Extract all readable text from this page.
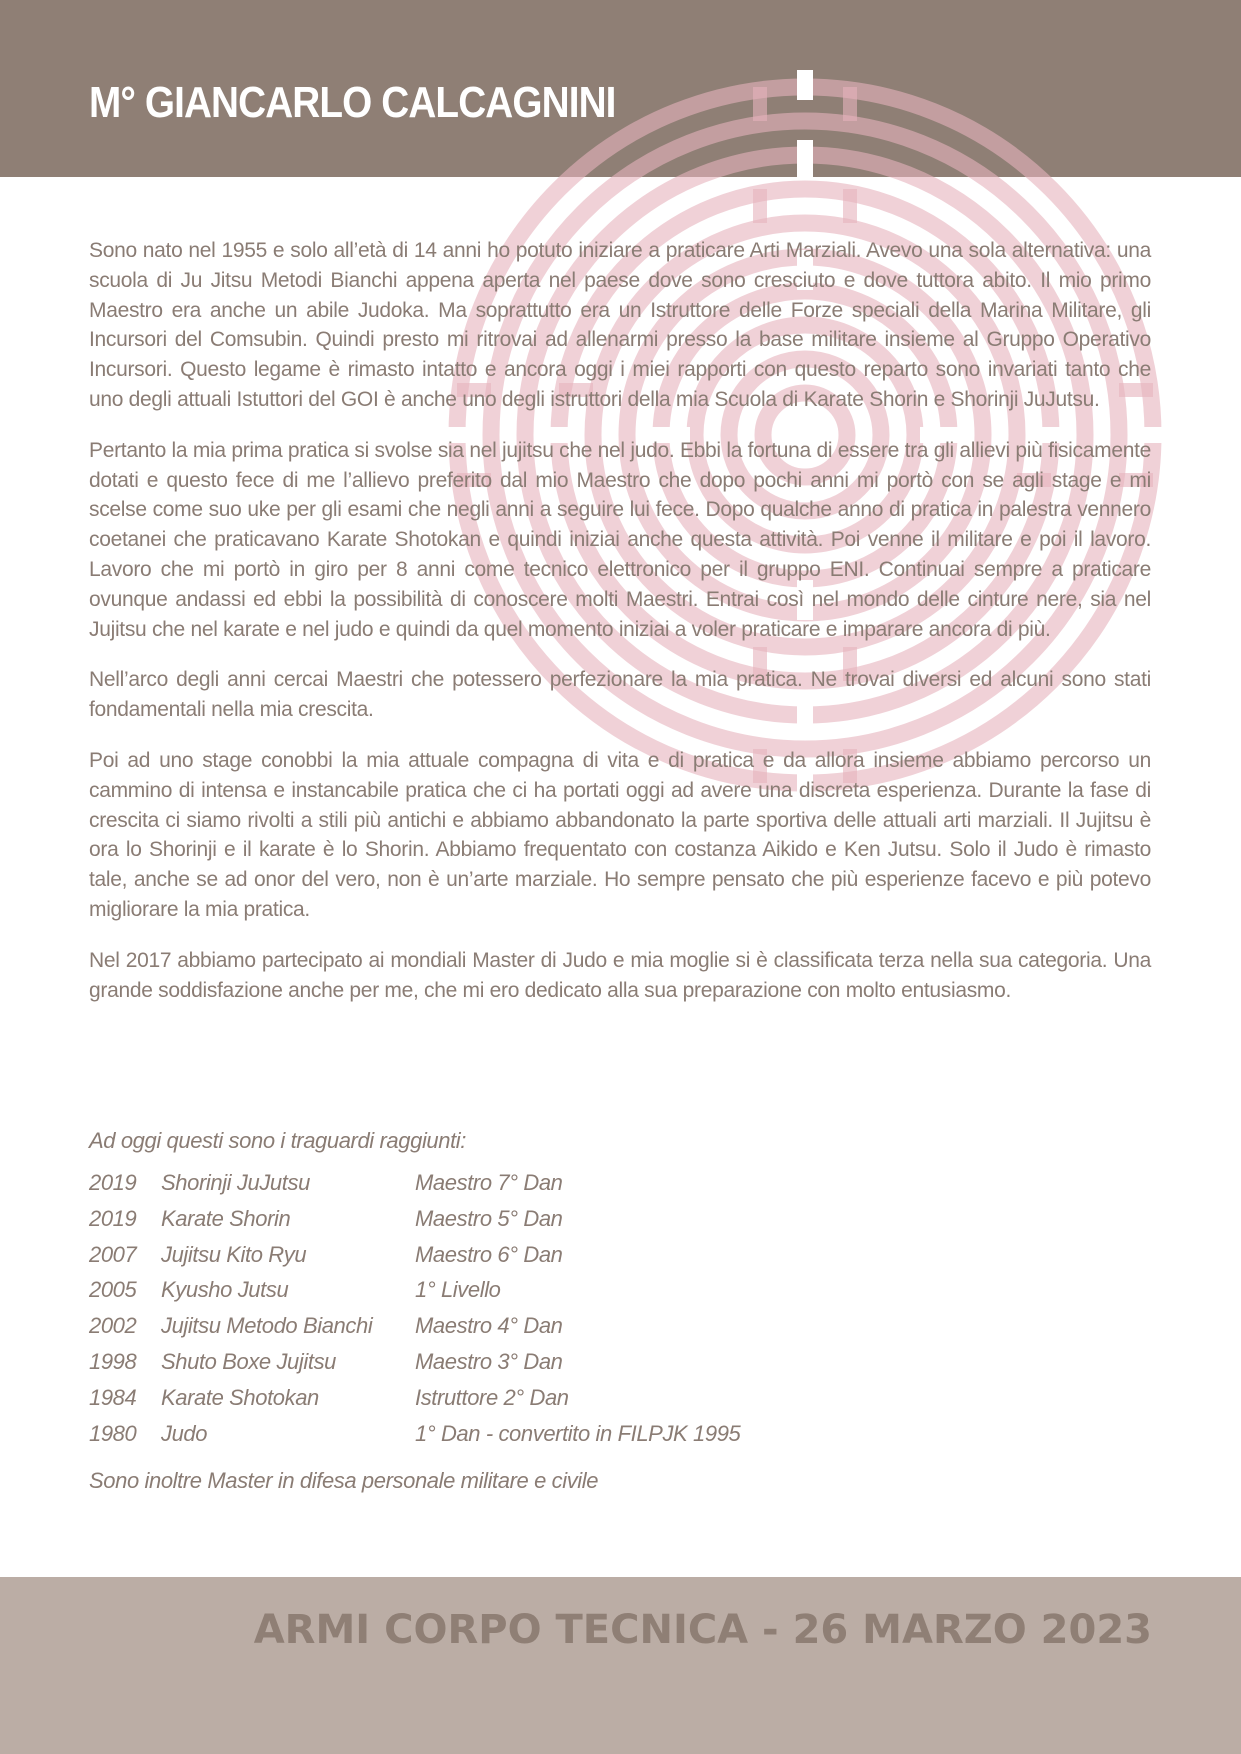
M° GIANCARLO CALCAGNINI

Sono nato nel 1955 e solo all’età di 14 anni ho potuto iniziare a praticare Arti Marziali. Avevo una sola alternativa: una scuola di Ju Jitsu Metodi Bianchi appena aperta nel paese dove sono cresciuto e dove tuttora abito. Il mio primo Maestro era anche un abile Judoka. Ma soprattutto era un Istruttore delle Forze speciali della Marina Militare, gli Incursori del Comsubin. Quindi presto mi ritrovai ad allenarmi presso la base militare insieme al Gruppo Operativo Incursori. Questo legame è rimasto intatto e ancora oggi i miei rapporti con questo reparto sono invariati tanto che uno degli attuali Istuttori del GOI è anche uno degli istruttori della mia Scuola di Karate Shorin e Shorinji JuJutsu.

Pertanto la mia prima pratica si svolse sia nel jujitsu che nel judo. Ebbi la fortuna di essere tra gli allievi più fisicamente dotati e questo fece di me l’allievo preferito dal mio Maestro che dopo pochi anni mi portò con se agli stage e mi scelse come suo uke per gli esami che negli anni a seguire lui fece. Dopo qualche anno di pratica in palestra vennero coetanei che praticavano Karate Shotokan e quindi iniziai anche questa attività. Poi venne il militare e poi il lavoro. Lavoro che mi portò in giro per 8 anni come tecnico elettronico per il gruppo ENI. Continuai sempre a praticare ovunque andassi ed ebbi la possibilità di conoscere molti Maestri. Entrai così nel mondo delle cinture nere, sia nel Jujitsu che nel karate e nel judo e quindi da quel momento iniziai a voler praticare e imparare ancora di più.

Nell’arco degli anni cercai Maestri che potessero perfezionare la mia pratica. Ne trovai diversi ed alcuni sono stati fondamentali nella mia crescita.

Poi ad uno stage conobbi la mia attuale compagna di vita e di pratica e da allora insieme abbiamo percorso un cammino di intensa e instancabile pratica che ci ha portati oggi ad avere una discreta esperienza. Durante la fase di crescita ci siamo rivolti a stili più antichi e abbiamo abbandonato la parte sportiva delle attuali arti marziali. Il Jujitsu è ora lo Shorinji e il karate è lo Shorin. Abbiamo frequentato con costanza Aikido e Ken Jutsu. Solo il Judo è rimasto tale, anche se ad onor del vero, non è un’arte marziale. Ho sempre pensato che più esperienze facevo e più potevo migliorare la mia pratica.

Nel 2017 abbiamo partecipato ai mondiali Master di Judo e mia moglie si è classificata terza nella sua categoria. Una grande soddisfazione anche per me, che mi ero dedicato alla sua preparazione con molto entusiasmo.

Ad oggi questi sono i traguardi raggiunti:
2019	Shorinji JuJutsu	Maestro 7° Dan
2019	Karate Shorin	Maestro 5° Dan
2007	Jujitsu Kito Ryu	Maestro 6° Dan
2005	Kyusho Jutsu	1° Livello
2002	Jujitsu Metodo Bianchi	Maestro 4° Dan
1998	Shuto Boxe Jujitsu	Maestro 3° Dan
1984	Karate Shotokan	Istruttore 2° Dan
1980	Judo	1° Dan - convertito in FILPJK 1995
Sono inoltre Master in difesa personale militare e civile
ARMI CORPO TECNICA - 26 MARZO 2023
